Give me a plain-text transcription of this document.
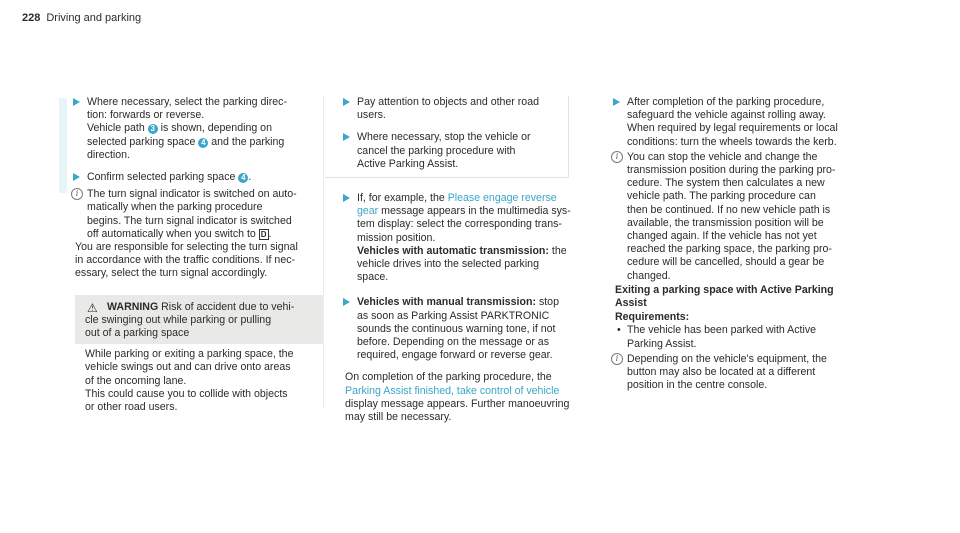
228 Driving and parking
Where necessary, select the parking direc-
tion: forwards or reverse.
Vehicle path 3 is shown, depending on
selected parking space 4 and the parking
direction.
Confirm selected parking space 4 .
i The turn signal indicator is switched on auto-
matically when the parking procedure
begins. The turn signal indicator is switched
off automatically when you switch to D .
You are responsible for selecting the turn signal
in accordance with the traffic conditions. If nec-
essary, select the turn signal accordingly.
⚠ WARNING Risk of accident due to vehi-
cle swinging out while parking or pulling
out of a parking space

While parking or exiting a parking space, the

vehicle swings out and can drive onto areas

of the oncoming lane.

This could cause you to collide with objects

or other road users.

Pay attention to objects and other road
users.
Where necessary, stop the vehicle or
cancel the parking procedure with
Active Parking Assist.
If, for example, the Please engage reverse
gear message appears in the multimedia sys-
tem display: select the corresponding trans-
mission position.
Vehicles with automatic transmission: the
vehicle drives into the selected parking
space.
Vehicles with manual transmission: stop
as soon as Parking Assist PARKTRONIC
sounds the continuous warning tone, if not
before. Depending on the message or as
required, engage forward or reverse gear.
On completion of the parking procedure, the
Parking Assist finished, take control of vehicle
display message appears. Further manoeuvring
may still be necessary.
After completion of the parking procedure,
safeguard the vehicle against rolling away.
When required by legal requirements or local
conditions: turn the wheels towards the kerb.
i You can stop the vehicle and change the
transmission position during the parking pro-
cedure. The system then calculates a new
vehicle path. The parking procedure can
then be continued. If no new vehicle path is
available, the transmission position will be
changed again. If the vehicle has not yet
reached the parking space, the parking pro-
cedure will be cancelled, should a gear be
changed.
Exiting a parking space with Active Parking
Assist
Requirements:
• The vehicle has been parked with Active
Parking Assist.
i Depending on the vehicle's equipment, the
button may also be located at a different
position in the centre console.
